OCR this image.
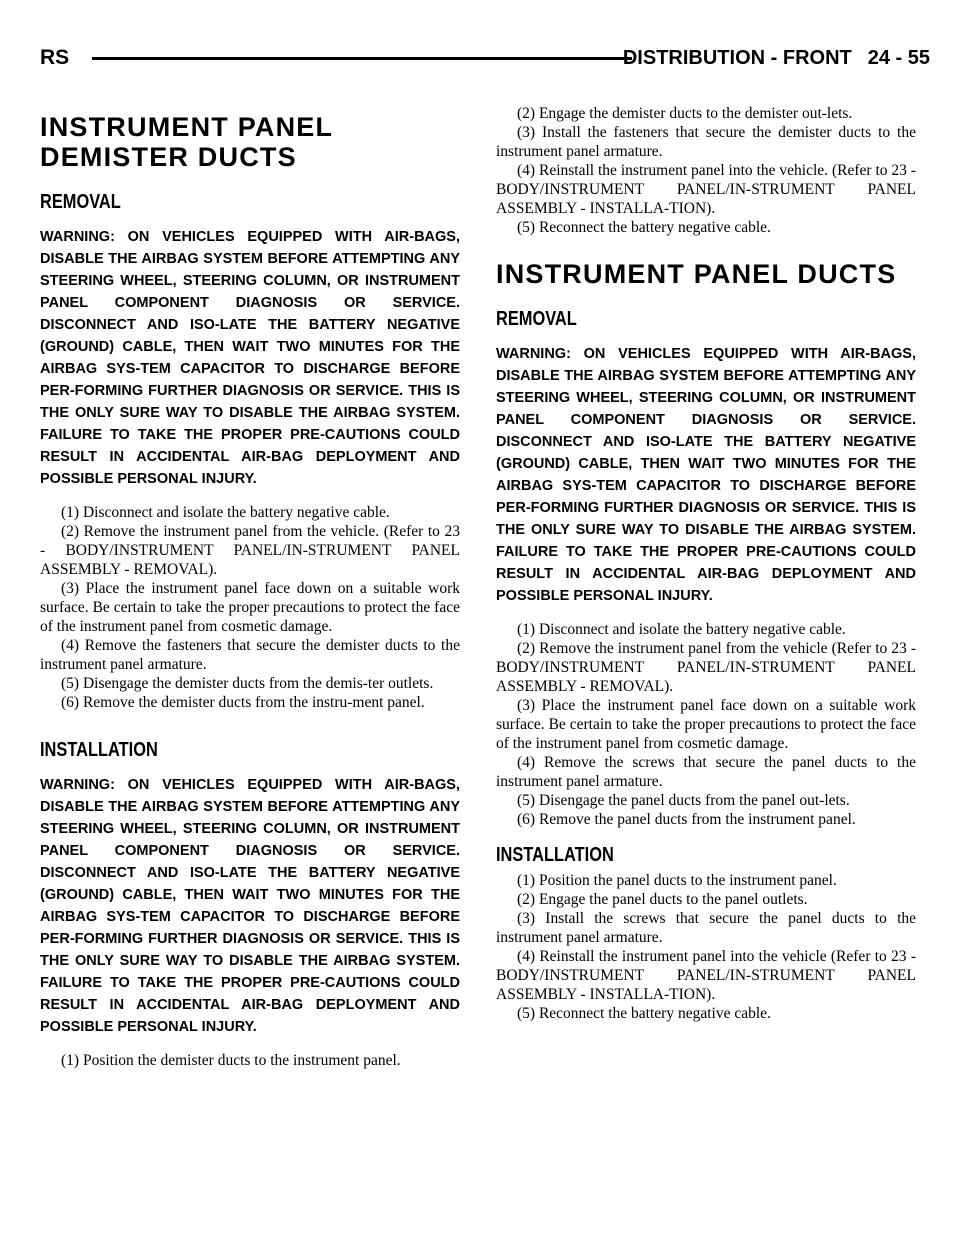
RS	DISTRIBUTION - FRONT 24 - 55
INSTRUMENT PANEL
DEMISTER DUCTS
REMOVAL

WARNING: ON VEHICLES EQUIPPED WITH AIR-BAGS, DISABLE THE AIRBAG SYSTEM BEFORE ATTEMPTING ANY STEERING WHEEL, STEERING COLUMN, OR INSTRUMENT PANEL COMPONENT DIAGNOSIS OR SERVICE. DISCONNECT AND ISO-LATE THE BATTERY NEGATIVE (GROUND) CABLE, THEN WAIT TWO MINUTES FOR THE AIRBAG SYS-TEM CAPACITOR TO DISCHARGE BEFORE PER-FORMING FURTHER DIAGNOSIS OR SERVICE. THIS IS THE ONLY SURE WAY TO DISABLE THE AIRBAG SYSTEM. FAILURE TO TAKE THE PROPER PRE-CAUTIONS COULD RESULT IN ACCIDENTAL AIR-BAG DEPLOYMENT AND POSSIBLE PERSONAL INJURY.

(1) Disconnect and isolate the battery negative cable.

(2) Remove the instrument panel from the vehicle. (Refer to 23 - BODY/INSTRUMENT PANEL/IN-STRUMENT PANEL ASSEMBLY - REMOVAL).

(3) Place the instrument panel face down on a suitable work surface. Be certain to take the proper precautions to protect the face of the instrument panel from cosmetic damage.

(4) Remove the fasteners that secure the demister ducts to the instrument panel armature.

(5) Disengage the demister ducts from the demis-ter outlets.

(6) Remove the demister ducts from the instru-ment panel.

INSTALLATION

WARNING: ON VEHICLES EQUIPPED WITH AIR-BAGS, DISABLE THE AIRBAG SYSTEM BEFORE ATTEMPTING ANY STEERING WHEEL, STEERING COLUMN, OR INSTRUMENT PANEL COMPONENT DIAGNOSIS OR SERVICE. DISCONNECT AND ISO-LATE THE BATTERY NEGATIVE (GROUND) CABLE, THEN WAIT TWO MINUTES FOR THE AIRBAG SYS-TEM CAPACITOR TO DISCHARGE BEFORE PER-FORMING FURTHER DIAGNOSIS OR SERVICE. THIS IS THE ONLY SURE WAY TO DISABLE THE AIRBAG SYSTEM. FAILURE TO TAKE THE PROPER PRE-CAUTIONS COULD RESULT IN ACCIDENTAL AIR-BAG DEPLOYMENT AND POSSIBLE PERSONAL INJURY.

(1) Position the demister ducts to the instrument panel.

(2) Engage the demister ducts to the demister out-lets.

(3) Install the fasteners that secure the demister ducts to the instrument panel armature.

(4) Reinstall the instrument panel into the vehicle. (Refer to 23 - BODY/INSTRUMENT PANEL/IN-STRUMENT PANEL ASSEMBLY - INSTALLA-TION).

(5) Reconnect the battery negative cable.

INSTRUMENT PANEL DUCTS
REMOVAL

WARNING: ON VEHICLES EQUIPPED WITH AIR-BAGS, DISABLE THE AIRBAG SYSTEM BEFORE ATTEMPTING ANY STEERING WHEEL, STEERING COLUMN, OR INSTRUMENT PANEL COMPONENT DIAGNOSIS OR SERVICE. DISCONNECT AND ISO-LATE THE BATTERY NEGATIVE (GROUND) CABLE, THEN WAIT TWO MINUTES FOR THE AIRBAG SYS-TEM CAPACITOR TO DISCHARGE BEFORE PER-FORMING FURTHER DIAGNOSIS OR SERVICE. THIS IS THE ONLY SURE WAY TO DISABLE THE AIRBAG SYSTEM. FAILURE TO TAKE THE PROPER PRE-CAUTIONS COULD RESULT IN ACCIDENTAL AIR-BAG DEPLOYMENT AND POSSIBLE PERSONAL INJURY.

(1) Disconnect and isolate the battery negative cable.

(2) Remove the instrument panel from the vehicle (Refer to 23 - BODY/INSTRUMENT PANEL/IN-STRUMENT PANEL ASSEMBLY - REMOVAL).

(3) Place the instrument panel face down on a suitable work surface. Be certain to take the proper precautions to protect the face of the instrument panel from cosmetic damage.

(4) Remove the screws that secure the panel ducts to the instrument panel armature.

(5) Disengage the panel ducts from the panel out-lets.

(6) Remove the panel ducts from the instrument panel.

INSTALLATION

(1) Position the panel ducts to the instrument panel.

(2) Engage the panel ducts to the panel outlets.

(3) Install the screws that secure the panel ducts to the instrument panel armature.

(4) Reinstall the instrument panel into the vehicle (Refer to 23 - BODY/INSTRUMENT PANEL/IN-STRUMENT PANEL ASSEMBLY - INSTALLA-TION).

(5) Reconnect the battery negative cable.
